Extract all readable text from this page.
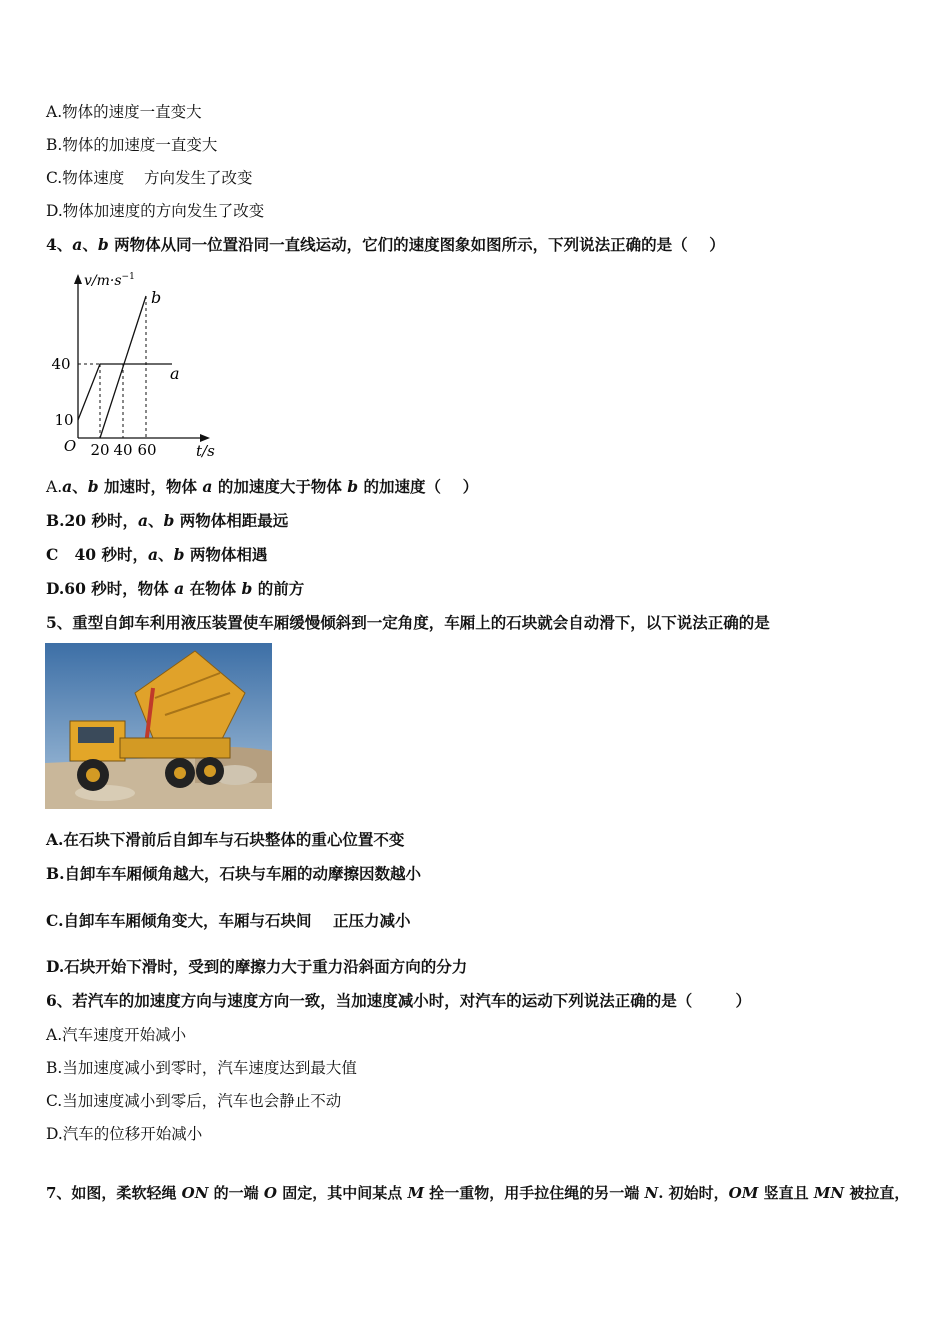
A.物体的速度一直变大
B.物体的加速度一直变大
C.物体速度    方向发生了改变
D.物体加速度的方向发生了改变
4、a、b 两物体从同一位置沿同一直线运动，它们的速度图象如图所示，下列说法正确的是（    ）
$v/m\cdot s^{-1}$
40
10
O 20 40 60	t/s
a
b
A.a、b 加速时，物体 a 的加速度大于物体 b 的加速度（    ）
B.20 秒时，a、b 两物体相距最远
C   40 秒时，a、b 两物体相遇
D.60 秒时，物体 a 在物体 b 的前方
5、重型自卸车利用液压装置使车厢缓慢倾斜到一定角度，车厢上的石块就会自动滑下，以下说法正确的是
A.在石块下滑前后自卸车与石块整体的重心位置不变
B.自卸车车厢倾角越大，石块与车厢的动摩擦因数越小
C.自卸车车厢倾角变大，车厢与石块间    正压力减小
D.石块开始下滑时，受到的摩擦力大于重力沿斜面方向的分力
6、若汽车的加速度方向与速度方向一致，当加速度减小时，对汽车的运动下列说法正确的是（        ）
A.汽车速度开始减小
B.当加速度减小到零时，汽车速度达到最大值
C.当加速度减小到零后，汽车也会静止不动
D.汽车的位移开始减小
7、如图，柔软轻绳 ON 的一端 O 固定，其中间某点 M 拴一重物，用手拉住绳的另一端 N. 初始时，OM 竖直且 MN 被拉直，
